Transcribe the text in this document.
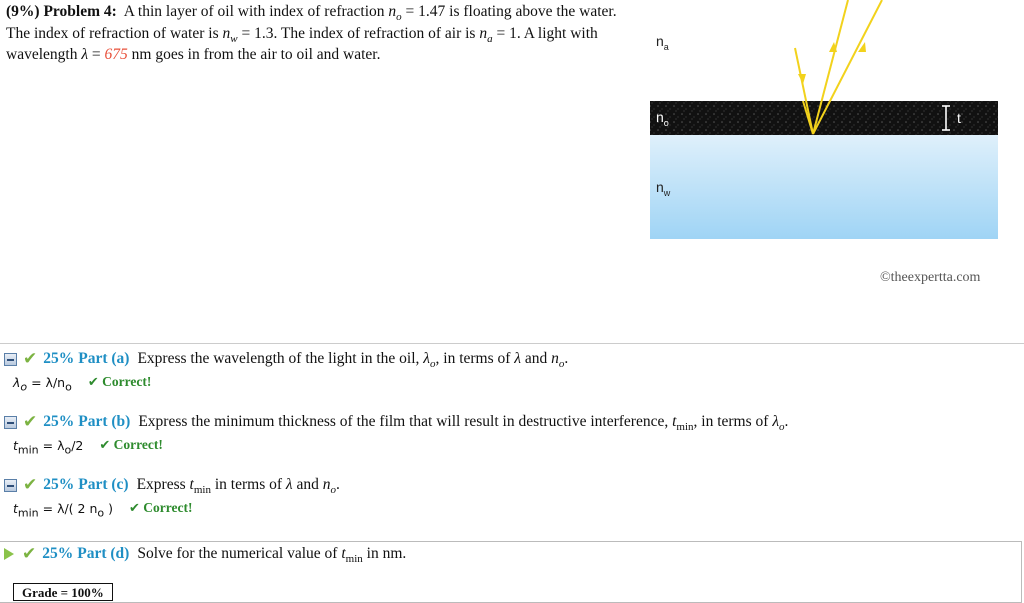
(9%) Problem 4: A thin layer of oil with index of refraction $n_o = 1.47$ is floating above the water. The index of refraction of water is $n_w = 1.3$. The index of refraction of air is $n_a = 1$. A light with wavelength λ = 675 nm goes in from the air to oil and water.
t
$n_a$
$n_o$
$n_w$
©theexpertta.com
✔ 25% Part (a) Express the wavelength of the light in the oil, $\lambda_o$, in terms of λ and $n_o$.
$\lambda_o = \lambda/n_o$ ✔ Correct!
✔ 25% Part (b) Express the minimum thickness of the film that will result in destructive interference, $t_{min}$, in terms of $\lambda_o$.
$t_{min} = \lambda_o/2$ ✔ Correct!
✔ 25% Part (c) Express $t_{min}$ in terms of λ and $n_o$.
$t_{min} = \lambda/$( 2 $n_o$ ) ✔ Correct!
✔ 25% Part (d) Solve for the numerical value of $t_{min}$ in nm.
Grade = 100%
